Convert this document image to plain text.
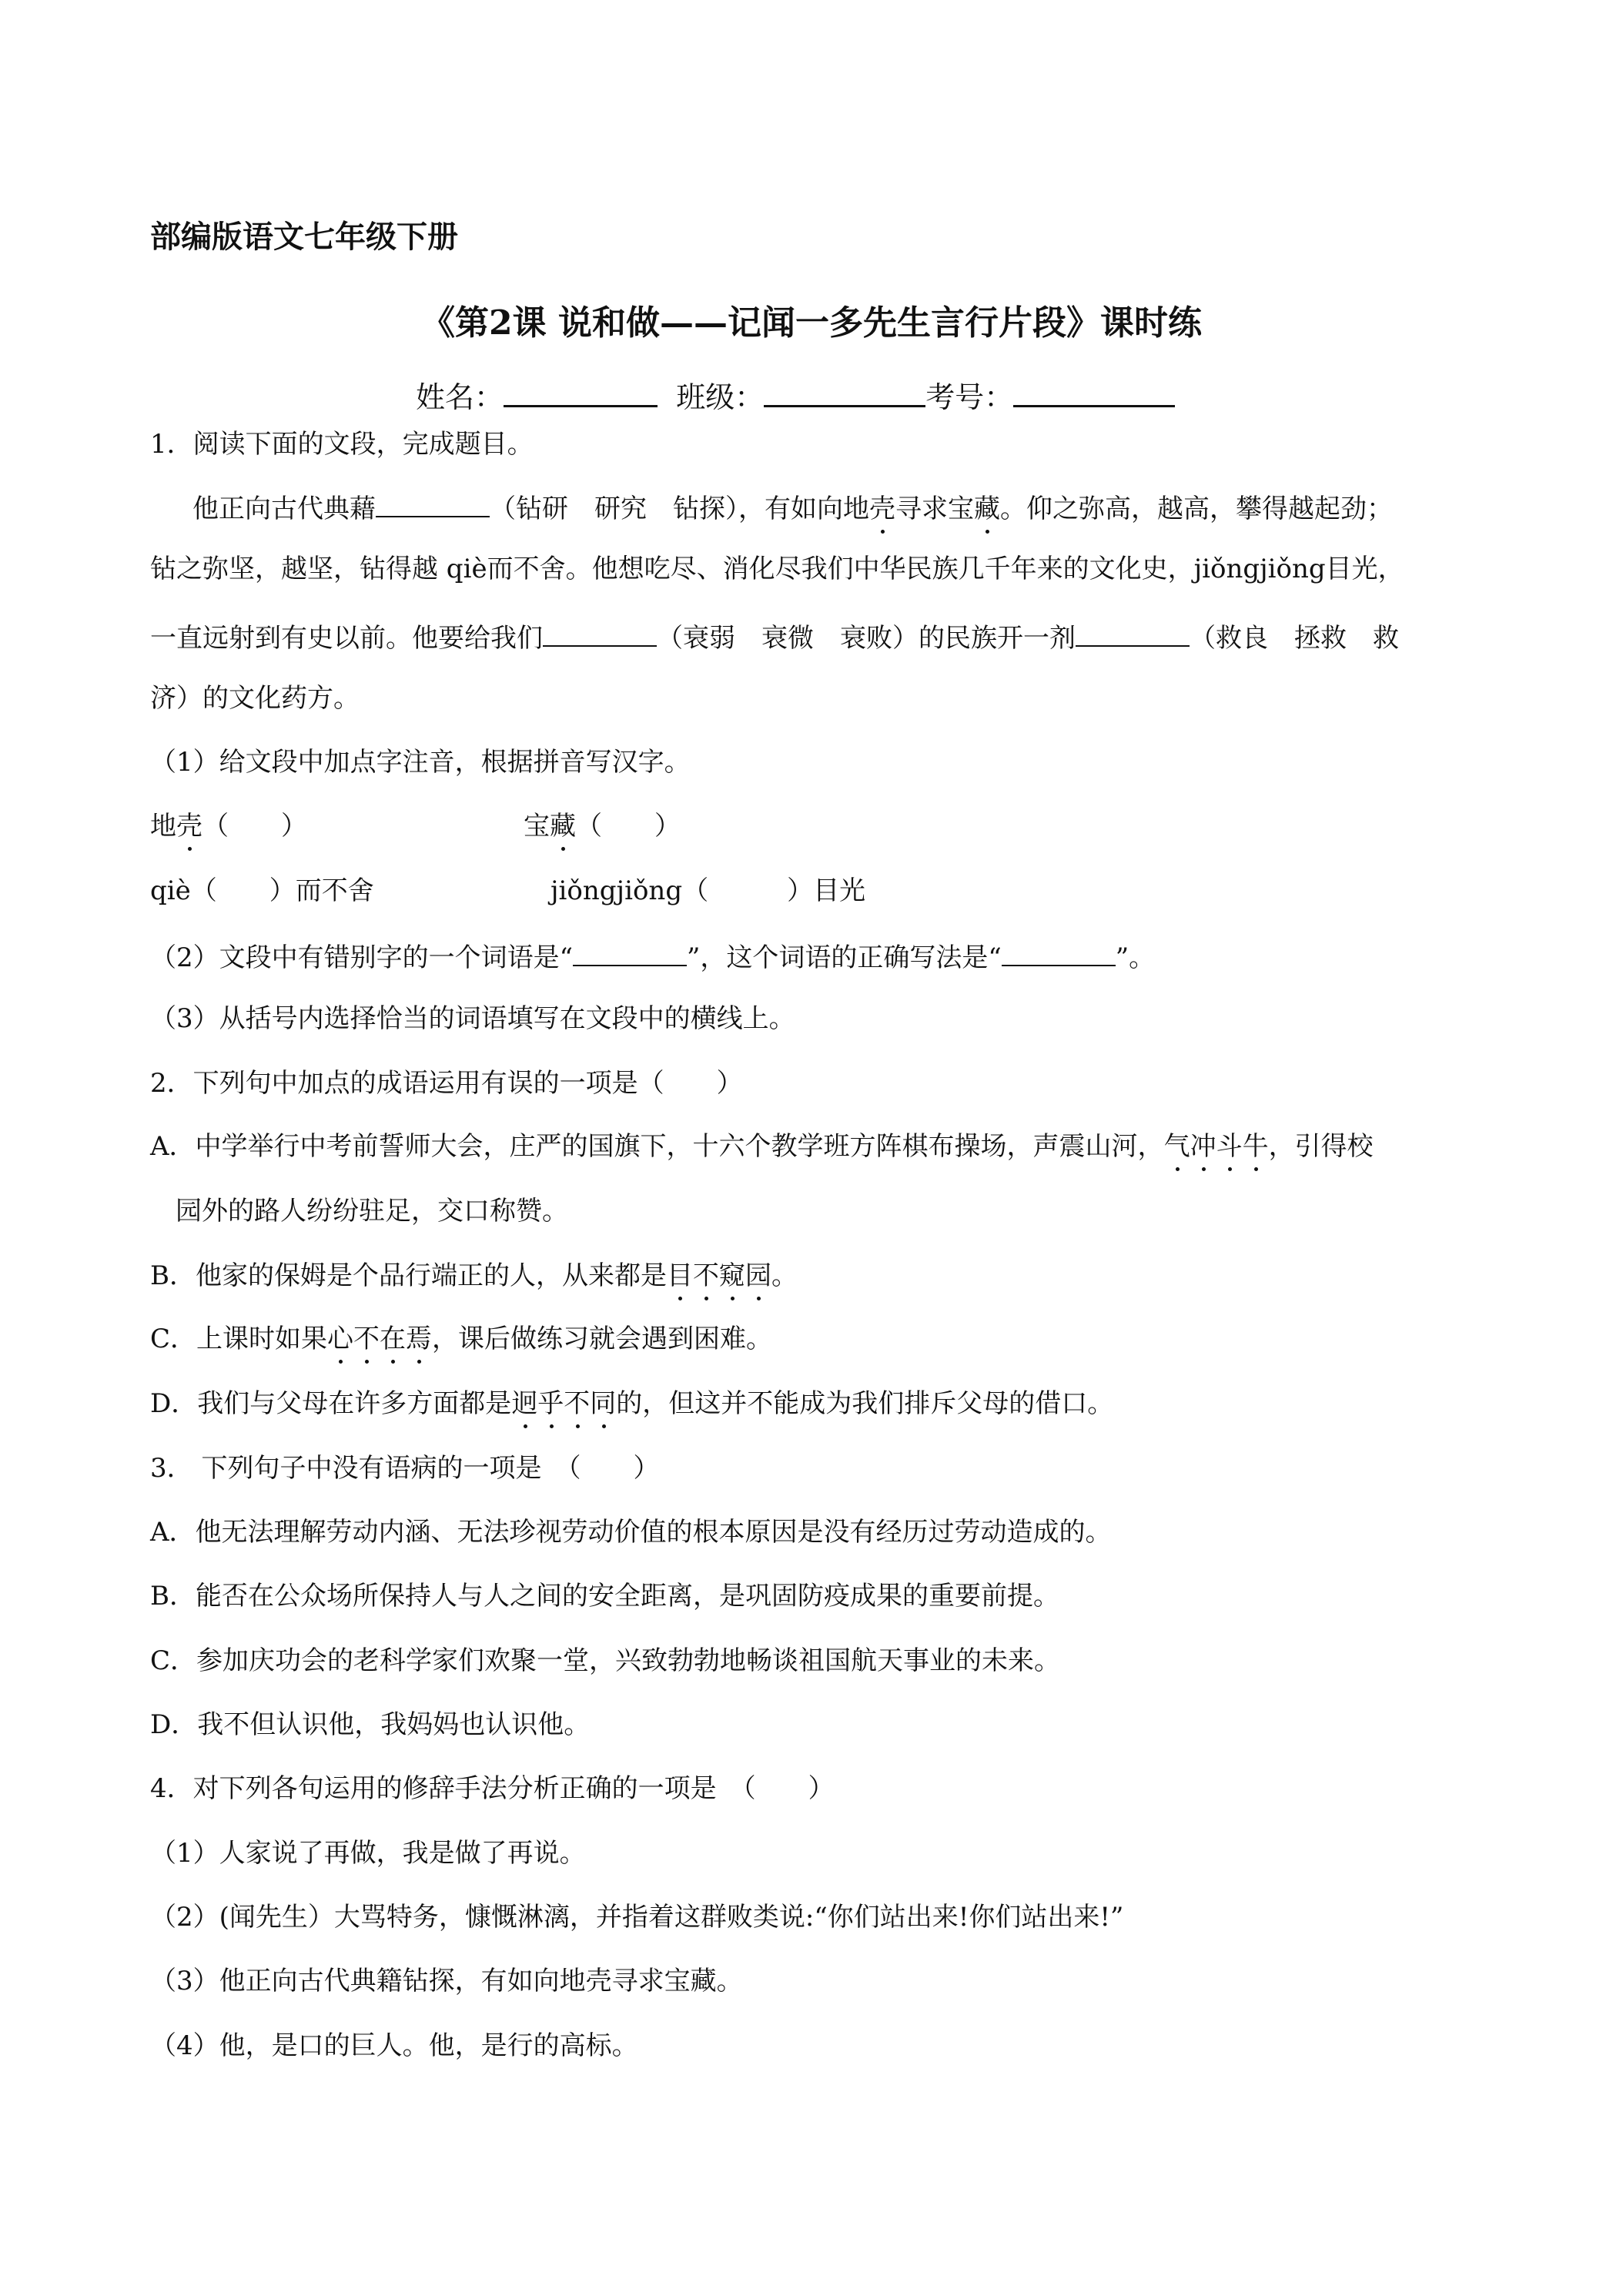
部编版语文七年级下册
《第2课 说和做——记闻一多先生言行片段》课时练
姓名：	班级：	考号：
1．阅读下面的文段，完成题目。
他正向古代典藉	（钻研　研究　钻探），有如向地壳寻求宝藏。仰之弥高，越高，攀得越起劲；
钻之弥坚，越坚，钻得越 qiè而不舍。他想吃尽、消化尽我们中华民族几千年来的文化史，jiǒngjiǒng目光，
一直远射到有史以前。他要给我们	（衰弱　衰微　衰败）的民族开一剂	（救良　拯救　救
济）的文化药方。
（1）给文段中加点字注音，根据拼音写汉字。
地壳（　　）	宝藏（　　）
qiè（　　）而不舍	jiǒngjiǒng（　　　）目光
（2）文段中有错别字的一个词语是“	”，这个词语的正确写法是“	”。
（3）从括号内选择恰当的词语填写在文段中的横线上。
2．下列句中加点的成语运用有误的一项是（　　）
A．中学举行中考前誓师大会，庄严的国旗下，十六个教学班方阵棋布操场，声震山河，气冲斗牛，引得校
园外的路人纷纷驻足，交口称赞。
B．他家的保姆是个品行端正的人，从来都是目不窥园。
C．上课时如果心不在焉，课后做练习就会遇到困难。
D．我们与父母在许多方面都是迥乎不同的，但这并不能成为我们排斥父母的借口。
3． 下列句子中没有语病的一项是　（　　）
A．他无法理解劳动内涵、无法珍视劳动价值的根本原因是没有经历过劳动造成的。
B．能否在公众场所保持人与人之间的安全距离，是巩固防疫成果的重要前提。
C．参加庆功会的老科学家们欢聚一堂，兴致勃勃地畅谈祖国航天事业的未来。
D．我不但认识他，我妈妈也认识他。
4．对下列各句运用的修辞手法分析正确的一项是　（　　）
（1）人家说了再做，我是做了再说。
（2）(闻先生）大骂特务，慷慨淋漓，并指着这群败类说:“你们站出来!你们站出来!”
（3）他正向古代典籍钻探，有如向地壳寻求宝藏。
（4）他，是口的巨人。他，是行的高标。
